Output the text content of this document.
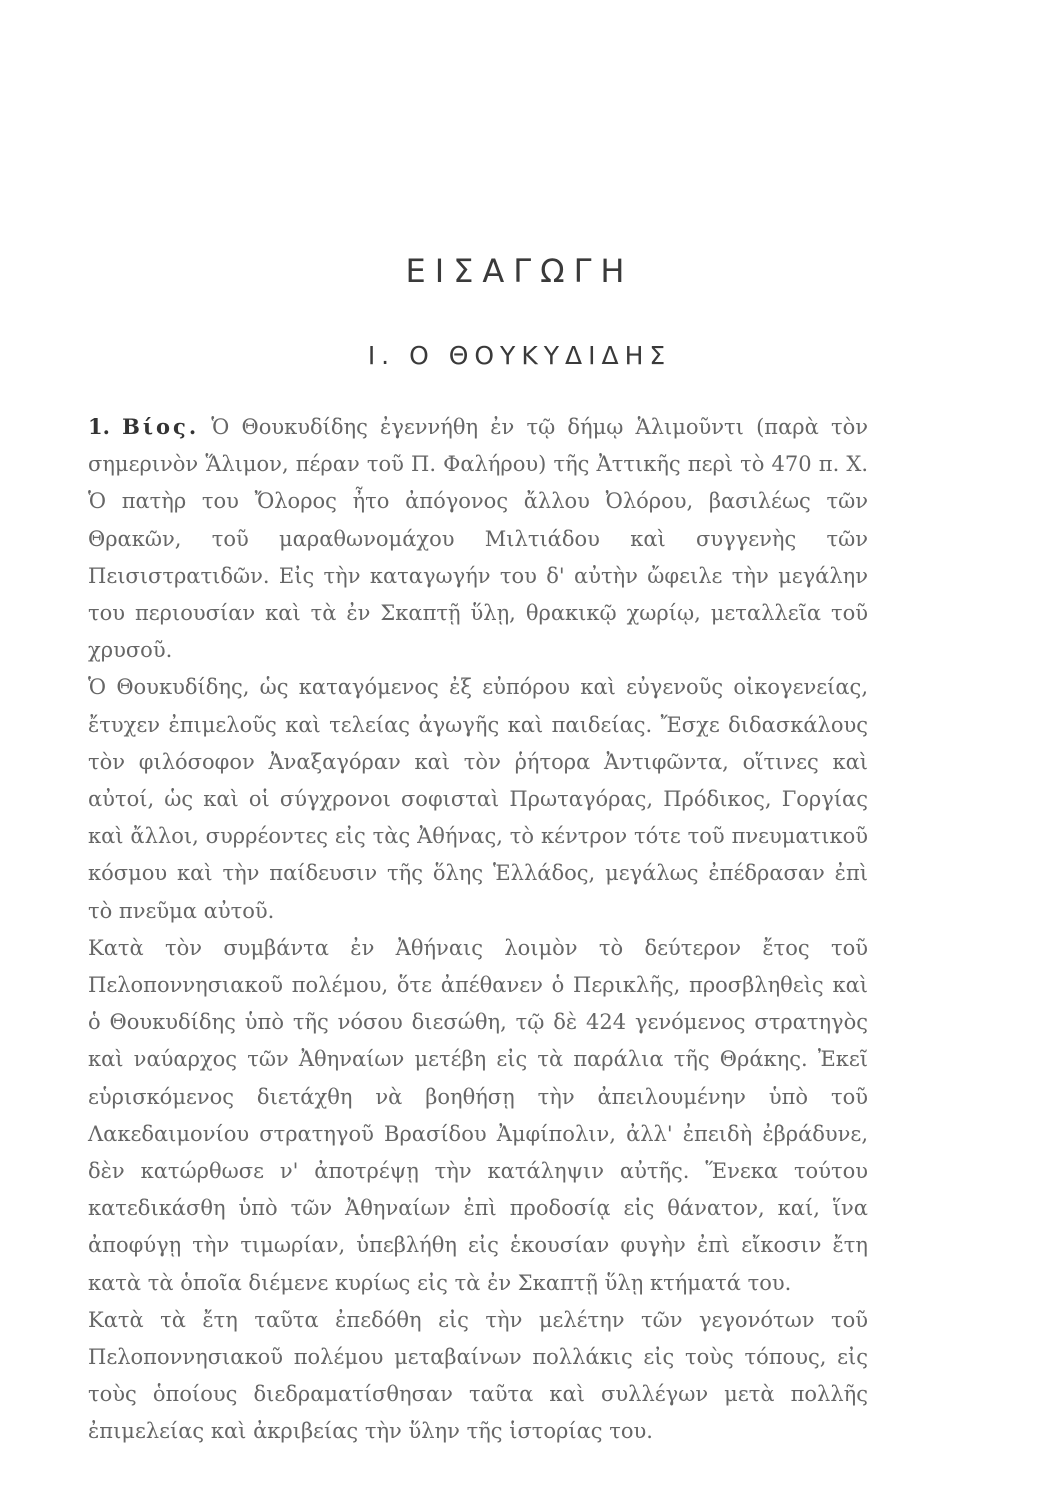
ΕΙΣΑΓΩΓΗ
Ι. Ο ΘΟΥΚΥΔΙΔΗΣ

1. Βίος. Ὁ Θουκυδίδης ἐγεννήθη ἐν τῷ δήμῳ Ἁλιμοῦντι (παρὰ τὸν σημερινὸν Ἅλιμον, πέραν τοῦ Π. Φαλήρου) τῆς Ἀττικῆς περὶ τὸ 470 π. Χ. Ὁ πατὴρ του Ὄλορος ἦτο ἀπόγονος ἄλλου Ὀλόρου, βασιλέως τῶν Θρακῶν, τοῦ μαραθωνομάχου Μιλτιάδου καὶ συγγενὴς τῶν Πεισιστρατιδῶν. Εἰς τὴν καταγωγήν του δ' αὐτὴν ὤφειλε τὴν μεγάλην του περιουσίαν καὶ τὰ ἐν Σκαπτῇ ὕλῃ, θρακικῷ χωρίῳ, μεταλλεῖα τοῦ χρυσοῦ.

Ὁ Θουκυδίδης, ὡς καταγόμενος ἐξ εὐπόρου καὶ εὐγενοῦς οἰκογενείας, ἔτυχεν ἐπιμελοῦς καὶ τελείας ἀγωγῆς καὶ παιδείας. Ἔσχε διδασκάλους τὸν φιλόσοφον Ἀναξαγόραν καὶ τὸν ῥήτορα Ἀντιφῶντα, οἵτινες καὶ αὐτοί, ὡς καὶ οἱ σύγχρονοι σοφισταὶ Πρωταγόρας, Πρόδικος, Γοργίας καὶ ἄλλοι, συρρέοντες εἰς τὰς Ἀθήνας, τὸ κέντρον τότε τοῦ πνευματικοῦ κόσμου καὶ τὴν παίδευσιν τῆς ὅλης Ἑλλάδος, μεγάλως ἐπέδρασαν ἐπὶ τὸ πνεῦμα αὐτοῦ.

Κατὰ τὸν συμβάντα ἐν Ἀθήναις λοιμὸν τὸ δεύτερον ἔτος τοῦ Πελοποννησιακοῦ πολέμου, ὅτε ἀπέθανεν ὁ Περικλῆς, προσβληθεὶς καὶ ὁ Θουκυδίδης ὑπὸ τῆς νόσου διεσώθη, τῷ δὲ 424 γενόμενος στρατηγὸς καὶ ναύαρχος τῶν Ἀθηναίων μετέβη εἰς τὰ παράλια τῆς Θράκης. Ἐκεῖ εὑρισκόμενος διετάχθη νὰ βοηθήσῃ τὴν ἀπειλουμένην ὑπὸ τοῦ Λακεδαιμονίου στρατηγοῦ Βρασίδου Ἀμφίπολιν, ἀλλ' ἐπειδὴ ἐβράδυνε, δὲν κατώρθωσε ν' ἀποτρέψῃ τὴν κατάληψιν αὐτῆς. Ἕνεκα τούτου κατεδικάσθη ὑπὸ τῶν Ἀθηναίων ἐπὶ προδοσίᾳ εἰς θάνατον, καί, ἵνα ἀποφύγῃ τὴν τιμωρίαν, ὑπεβλήθη εἰς ἑκουσίαν φυγὴν ἐπὶ εἴκοσιν ἔτη κατὰ τὰ ὁποῖα διέμενε κυρίως εἰς τὰ ἐν Σκαπτῇ ὕλῃ κτήματά του.

Κατὰ τὰ ἔτη ταῦτα ἐπεδόθη εἰς τὴν μελέτην τῶν γεγονότων τοῦ Πελοποννησιακοῦ πολέμου μεταβαίνων πολλάκις εἰς τοὺς τόπους, εἰς τοὺς ὁποίους διεδραματίσθησαν ταῦτα καὶ συλλέγων μετὰ πολλῆς ἐπιμελείας καὶ ἀκριβείας τὴν ὕλην τῆς ἱστορίας του.
